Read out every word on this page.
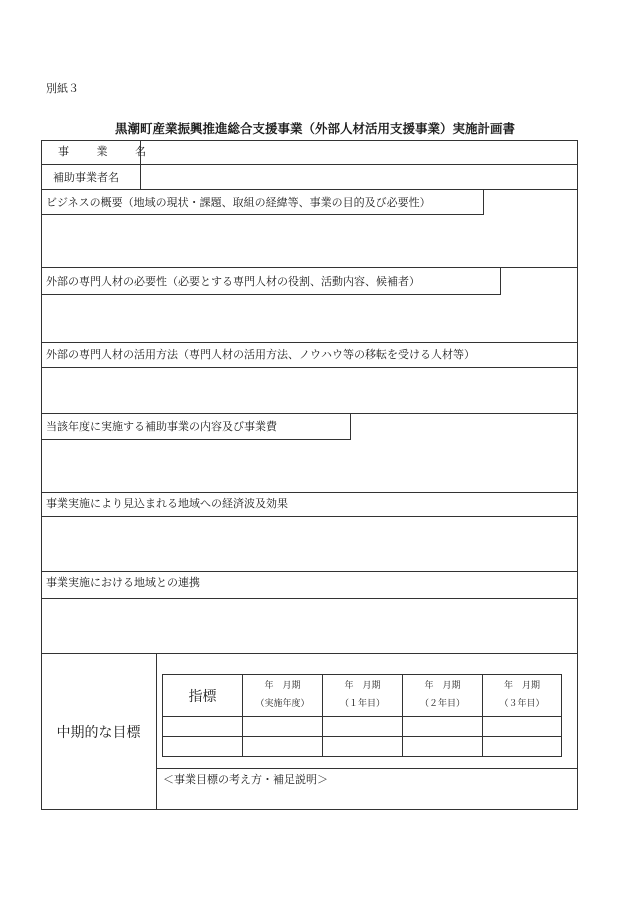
別紙３
黒潮町産業振興推進総合支援事業（外部人材活用支援事業）実施計画書
事 業 名
補助事業者名
ビジネスの概要（地域の現状・課題、取組の経緯等、事業の目的及び必要性）
外部の専門人材の必要性（必要とする専門人材の役割、活動内容、候補者）
外部の専門人材の活用方法（専門人材の活用方法、ノウハウ等の移転を受ける人材等）
当該年度に実施する補助事業の内容及び事業費
事業実施により見込まれる地域への経済波及効果
事業実施における地域との連携
中期的な目標
指標
年　月期
（実施年度）
年　月期
（１年目）
年　月期
（２年目）
年　月期
（３年目）
＜事業目標の考え方・補足説明＞
